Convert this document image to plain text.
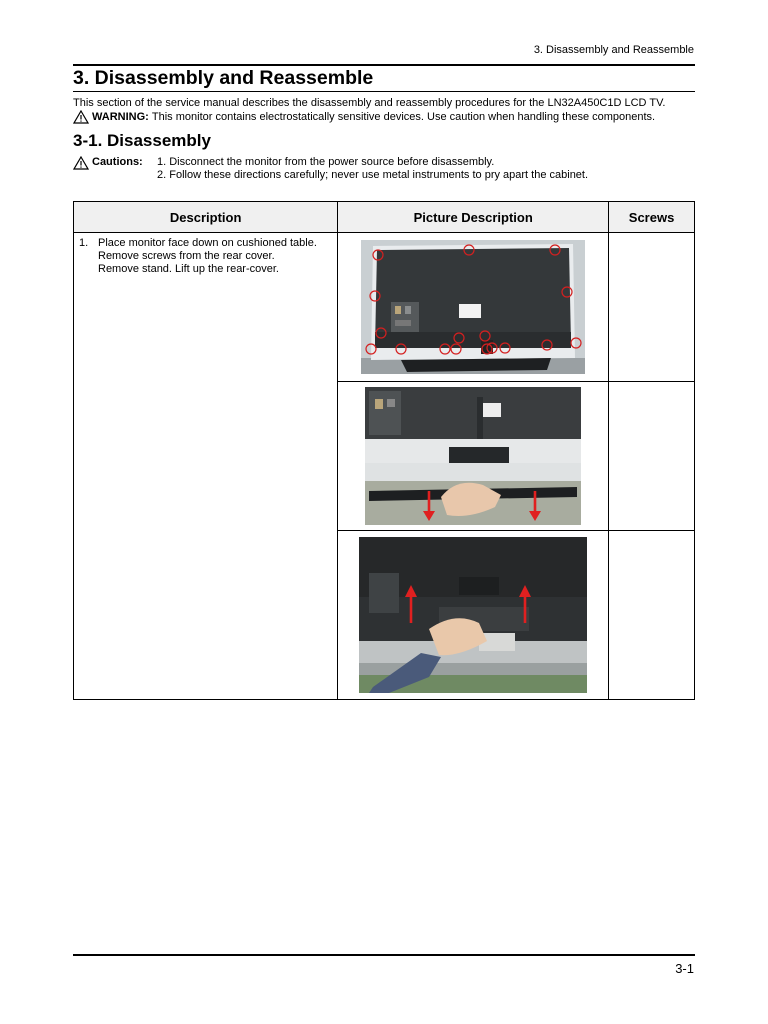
3. Disassembly and Reassemble
3. Disassembly and Reassemble
This section of the service manual describes the disassembly and reassembly procedures for the LN32A450C1D LCD TV.
WARNING:
This monitor contains electrostatically sensitive devices. Use caution when handling these components.
3-1. Disassembly
Cautions: 1. Disconnect the monitor from the power source before disassembly.
2. Follow these directions carefully; never use metal instruments to pry apart the cabinet.
Description	Picture Description	Screws

1. Place monitor face down on cushioned table.
Remove screws from the rear cover.
Remove stand. Lift up the rear-cover.

3-1
